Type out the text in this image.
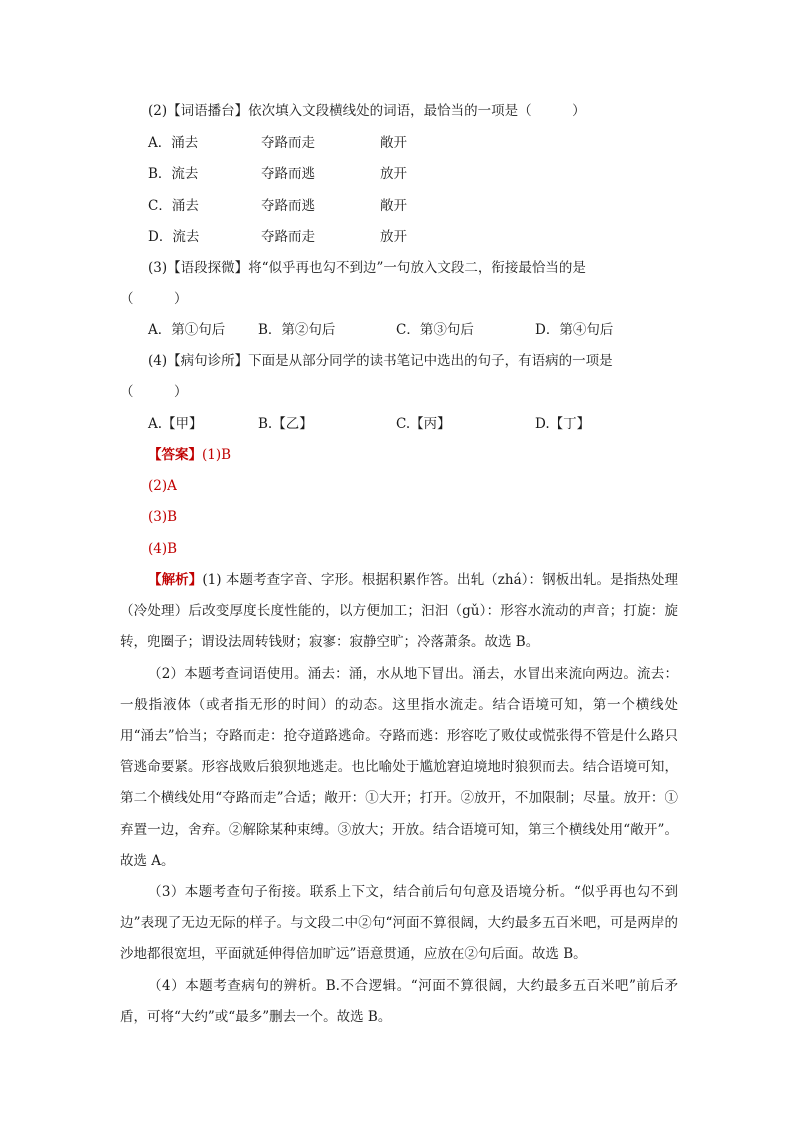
(2)【词语播台】依次填入文段横线处的词语，最恰当的一项是（　　　）
A．涌去	夺路而走	敞开
B．流去	夺路而逃	放开
C．涌去	夺路而逃	敞开
D．流去	夺路而走	放开
(3)【语段探微】将“似乎再也勾不到边”一句放入文段二，衔接最恰当的是
（　　　）
A．第①句后 B．第②句后	C．第③句后	D．第④句后
(4)【病句诊所】下面是从部分同学的读书笔记中选出的句子，有语病的一项是
（　　　）
A.【甲】	B.【乙】	C.【丙】	D.【丁】
【答案】(1)B
(2)A
(3)B
(4)B

【解析】(1) 本题考查字音、字形。根据积累作答。出轧（zhá）：钢板出轧。是指热处理（冷处理）后改变厚度长度性能的，以方便加工；汩汩（gǔ）：形容水流动的声音；打旋：旋转，兜圈子；谓设法周转钱财；寂寥：寂静空旷；冷落萧条。故选 B。

（2）本题考查词语使用。涌去：涌，水从地下冒出。涌去，水冒出来流向两边。流去：一般指液体（或者指无形的时间）的动态。这里指水流走。结合语境可知，第一个横线处用“涌去”恰当；夺路而走：抢夺道路逃命。夺路而逃：形容吃了败仗或慌张得不管是什么路只管逃命要紧。形容战败后狼狈地逃走。也比喻处于尴尬窘迫境地时狼狈而去。结合语境可知，第二个横线处用“夺路而走”合适；敞开：①大开；打开。②放开，不加限制；尽量。放开：①弃置一边，舍弃。②解除某种束缚。③放大；开放。结合语境可知，第三个横线处用“敞开”。故选 A。

（3）本题考查句子衔接。联系上下文，结合前后句句意及语境分析。“似乎再也勾不到边”表现了无边无际的样子。与文段二中②句“河面不算很阔，大约最多五百米吧，可是两岸的沙地都很宽坦，平面就延伸得倍加旷远”语意贯通，应放在②句后面。故选 B。

（4）本题考查病句的辨析。B.不合逻辑。“河面不算很阔，大约最多五百米吧”前后矛盾，可将“大约”或“最多”删去一个。故选 B。
